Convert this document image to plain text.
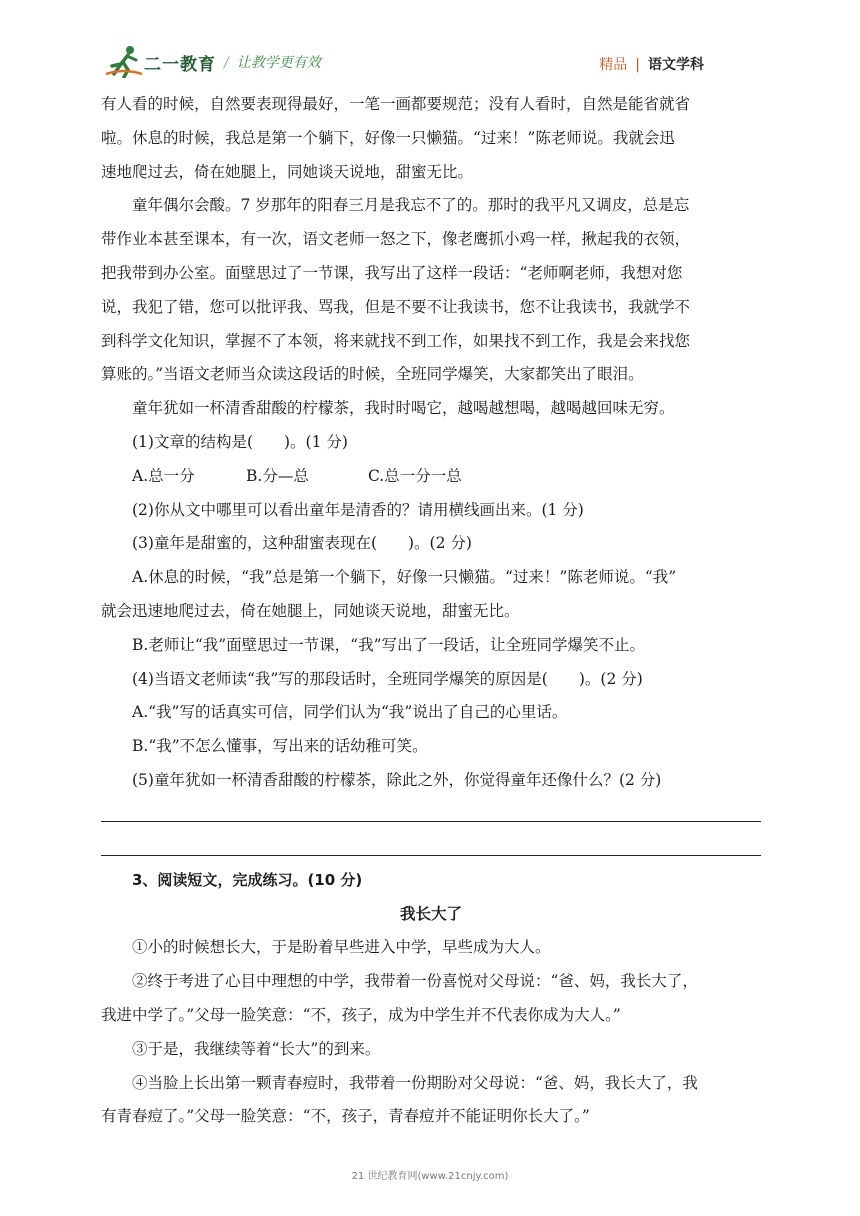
二一教育 / 让教学更有效	精品 | 语文学科

有人看的时候，自然要表现得最好，一笔一画都要规范；没有人看时，自然是能省就省

啦。休息的时候，我总是第一个躺下，好像一只懒猫。“过来！”陈老师说。我就会迅

速地爬过去，倚在她腿上，同她谈天说地，甜蜜无比。

童年偶尔会酸。7 岁那年的阳春三月是我忘不了的。那时的我平凡又调皮，总是忘

带作业本甚至课本，有一次，语文老师一怒之下，像老鹰抓小鸡一样，揪起我的衣领，

把我带到办公室。面壁思过了一节课，我写出了这样一段话：“老师啊老师，我想对您

说，我犯了错，您可以批评我、骂我，但是不要不让我读书，您不让我读书，我就学不

到科学文化知识，掌握不了本领，将来就找不到工作，如果找不到工作，我是会来找您

算账的。”当语文老师当众读这段话的时候，全班同学爆笑，大家都笑出了眼泪。

童年犹如一杯清香甜酸的柠檬茶，我时时喝它，越喝越想喝，越喝越回味无穷。

(1)文章的结构是(　　)。(1 分)

A.总一分	B.分—总	C.总一分一总

(2)你从文中哪里可以看出童年是清香的？请用横线画出来。(1 分)

(3)童年是甜蜜的，这种甜蜜表现在(　　)。(2 分)

A.休息的时候，“我”总是第一个躺下，好像一只懒猫。“过来！”陈老师说。“我”

就会迅速地爬过去，倚在她腿上，同她谈天说地，甜蜜无比。

B.老师让“我”面壁思过一节课，“我”写出了一段话，让全班同学爆笑不止。

(4)当语文老师读“我”写的那段话时，全班同学爆笑的原因是(　　)。(2 分)

A.“我”写的话真实可信，同学们认为“我”说出了自己的心里话。

B.“我”不怎么懂事，写出来的话幼稚可笑。

(5)童年犹如一杯清香甜酸的柠檬茶，除此之外，你觉得童年还像什么？(2 分)

3、阅读短文，完成练习。(10 分)

我长大了

①小的时候想长大，于是盼着早些进入中学，早些成为大人。

②终于考进了心目中理想的中学，我带着一份喜悦对父母说：“爸、妈，我长大了，

我进中学了。”父母一脸笑意：“不，孩子，成为中学生并不代表你成为大人。”

③于是，我继续等着“长大”的到来。

④当脸上长出第一颗青春痘时，我带着一份期盼对父母说：“爸、妈，我长大了，我

有青春痘了。”父母一脸笑意：“不，孩子，青春痘并不能证明你长大了。”

21 世纪教育网(www.21cnjy.com)
